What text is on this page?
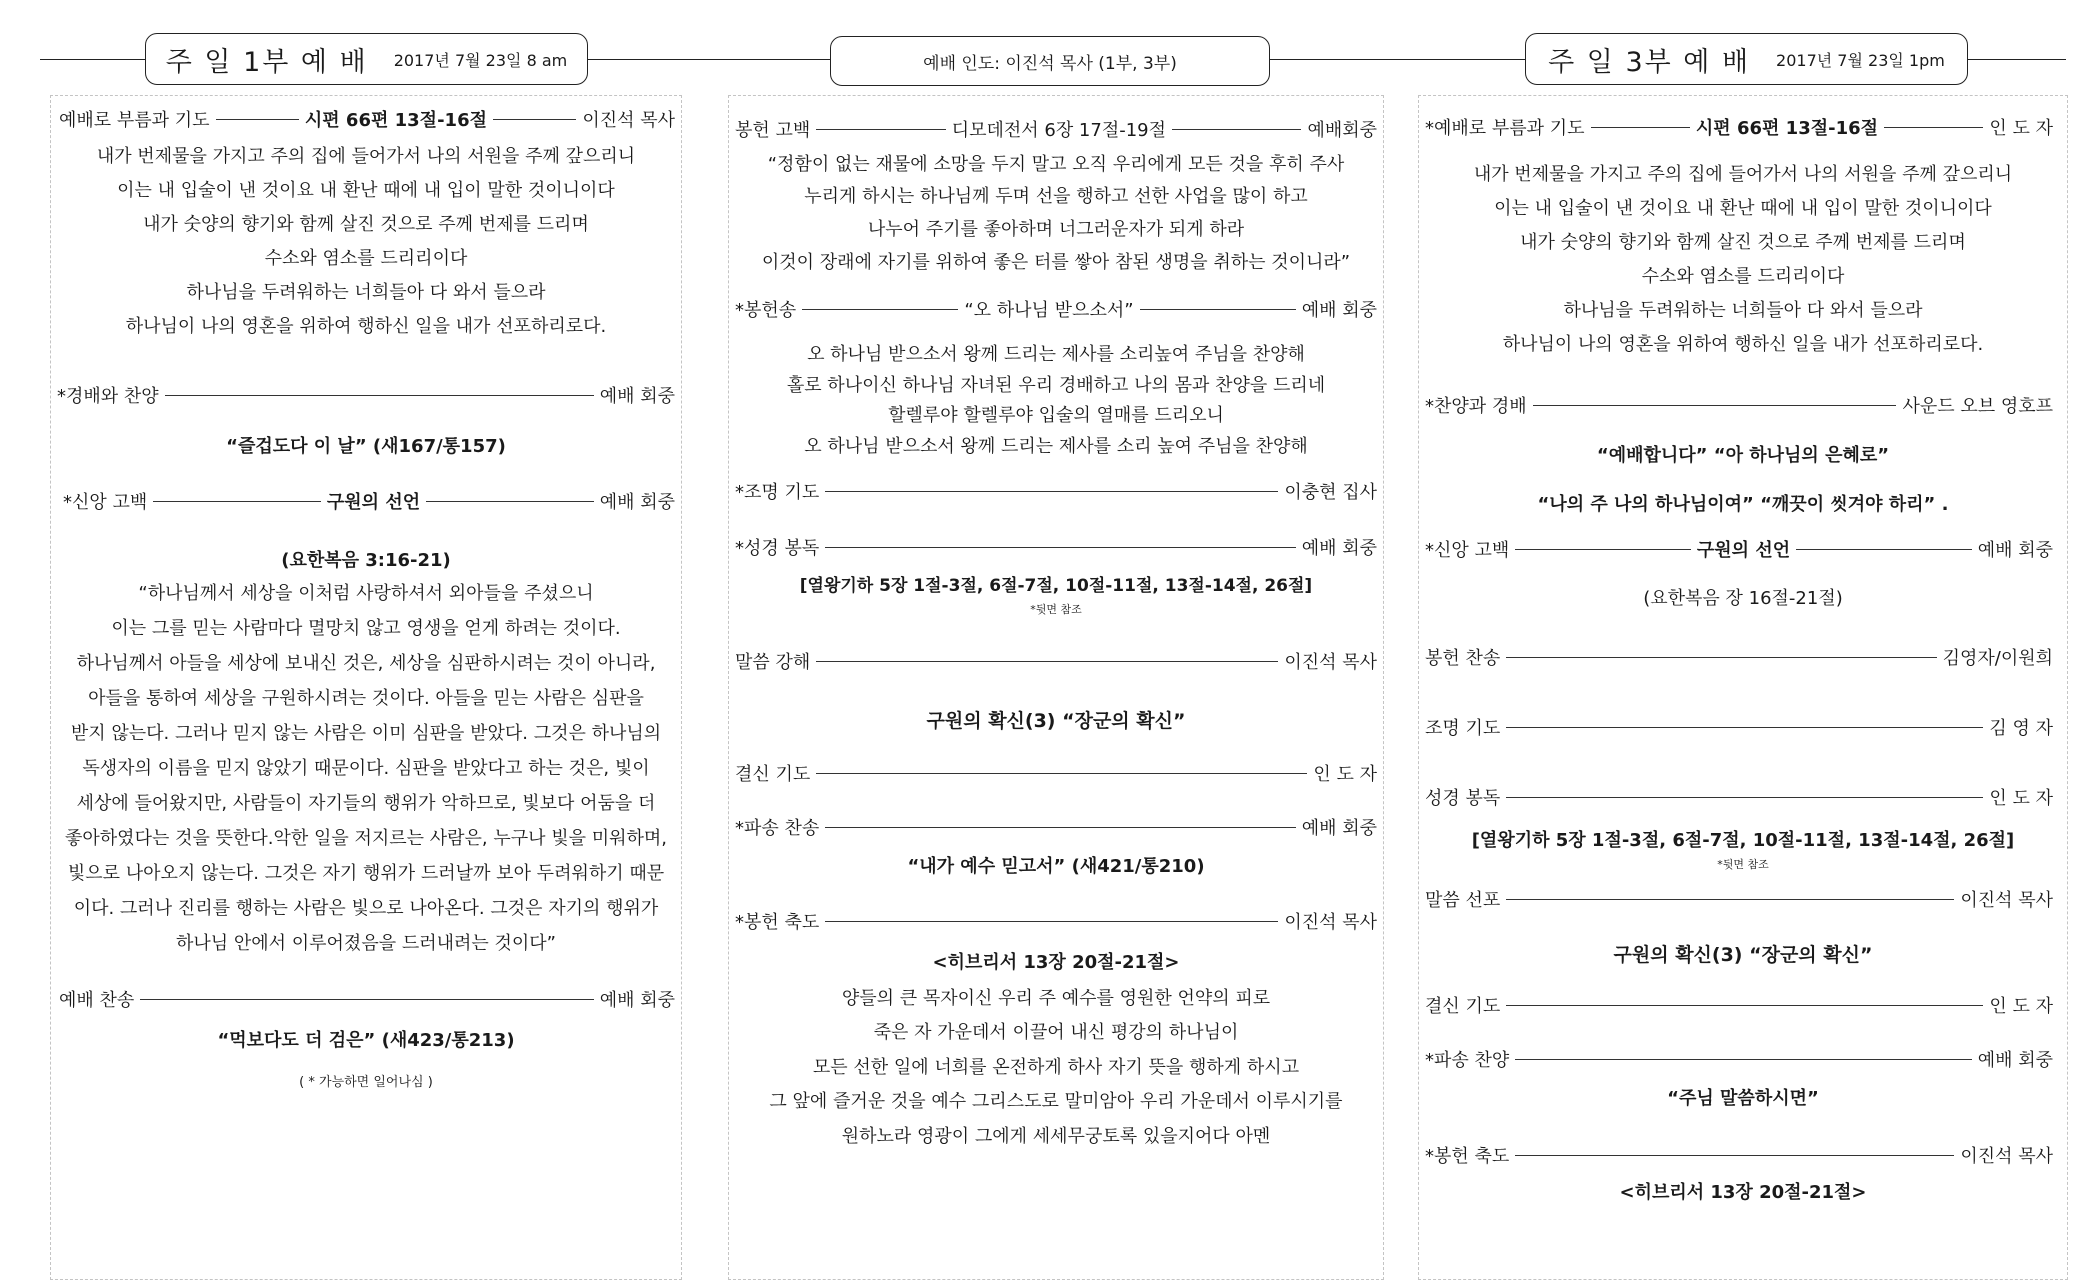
주 일 1부 예 배 2017년 7월 23일 8 am	예배 인도: 이진석 목사 (1부, 3부)	주 일 3부 예 배 2017년 7월 23일 1pm
예배로 부름과 기도	시편 66편 13절-16절	이진석 목사
내가 번제물을 가지고 주의 집에 들어가서 나의 서원을 주께 갚으리니
이는 내 입술이 낸 것이요 내 환난 때에 내 입이 말한 것이니이다
내가 숫양의 향기와 함께 살진 것으로 주께 번제를 드리며
수소와 염소를 드리리이다
하나님을 두려워하는 너희들아 다 와서 들으라
하나님이 나의 영혼을 위하여 행하신 일을 내가 선포하리로다.
*경배와 찬양	예배 회중
“즐겁도다 이 날” (새167/통157)
*신앙 고백	구원의 선언	예배 회중
(요한복음 3:16-21)
“하나님께서 세상을 이처럼 사랑하셔서 외아들을 주셨으니
이는 그를 믿는 사람마다 멸망치 않고 영생을 얻게 하려는 것이다.
하나님께서 아들을 세상에 보내신 것은, 세상을 심판하시려는 것이 아니라,
아들을 통하여 세상을 구원하시려는 것이다. 아들을 믿는 사람은 심판을
받지 않는다. 그러나 믿지 않는 사람은 이미 심판을 받았다. 그것은 하나님의
독생자의 이름을 믿지 않았기 때문이다. 심판을 받았다고 하는 것은, 빛이
세상에 들어왔지만, 사람들이 자기들의 행위가 악하므로, 빛보다 어둠을 더
좋아하였다는 것을 뜻한다.악한 일을 저지르는 사람은, 누구나 빛을 미워하며,
빛으로 나아오지 않는다. 그것은 자기 행위가 드러날까 보아 두려워하기 때문
이다. 그러나 진리를 행하는 사람은 빛으로 나아온다. 그것은 자기의 행위가
하나님 안에서 이루어졌음을 드러내려는 것이다”
예배 찬송	예배 회중
“먹보다도 더 검은” (새423/통213)
( * 가능하면 일어나심 )
봉헌 고백	디모데전서 6장 17절-19절	예배회중
“정함이 없는 재물에 소망을 두지 말고 오직 우리에게 모든 것을 후히 주사
누리게 하시는 하나님께 두며 선을 행하고 선한 사업을 많이 하고
나누어 주기를 좋아하며 너그러운자가 되게 하라
이것이 장래에 자기를 위하여 좋은 터를 쌓아 참된 생명을 취하는 것이니라”
*봉헌송	“오 하나님 받으소서”	예배 회중
오 하나님 받으소서 왕께 드리는 제사를 소리높여 주님을 찬양해
홀로 하나이신 하나님 자녀된 우리 경배하고 나의 몸과 찬양을 드리네
할렐루야 할렐루야 입술의 열매를 드리오니
오 하나님 받으소서 왕께 드리는 제사를 소리 높여 주님을 찬양해
*조명 기도	이충현 집사
*성경 봉독	예배 회중
[열왕기하 5장 1절-3절, 6절-7절, 10절-11절, 13절-14절, 26절]
*뒷면 참조
말씀 강해	이진석 목사
구원의 확신(3) “장군의 확신”
결신 기도	인 도 자
*파송 찬송	예배 회중
“내가 예수 믿고서” (새421/통210)
*봉헌 축도	이진석 목사
<히브리서 13장 20절-21절>
양들의 큰 목자이신 우리 주 예수를 영원한 언약의 피로
죽은 자 가운데서 이끌어 내신 평강의 하나님이
모든 선한 일에 너희를 온전하게 하사 자기 뜻을 행하게 하시고
그 앞에 즐거운 것을 예수 그리스도로 말미암아 우리 가운데서 이루시기를
원하노라 영광이 그에게 세세무궁토록 있을지어다 아멘
*예배로 부름과 기도	시편 66편 13절-16절	인 도 자
내가 번제물을 가지고 주의 집에 들어가서 나의 서원을 주께 갚으리니
이는 내 입술이 낸 것이요 내 환난 때에 내 입이 말한 것이니이다
내가 숫양의 향기와 함께 살진 것으로 주께 번제를 드리며
수소와 염소를 드리리이다
하나님을 두려워하는 너희들아 다 와서 들으라
하나님이 나의 영혼을 위하여 행하신 일을 내가 선포하리로다.
*찬양과 경배	사운드 오브 영호프
“예배합니다” “아 하나님의 은혜로”
“나의 주 나의 하나님이여” “깨끗이 씻겨야 하리” .
*신앙 고백	구원의 선언	예배 회중
(요한복음 장 16절-21절)
봉헌 찬송	김영자/이원희
조명 기도	김 영 자
성경 봉독	인 도 자
[열왕기하 5장 1절-3절, 6절-7절, 10절-11절, 13절-14절, 26절]
*뒷면 참조
말씀 선포	이진석 목사
구원의 확신(3) “장군의 확신”
결신 기도	인 도 자
*파송 찬양	예배 회중
“주님 말씀하시면”
*봉헌 축도	이진석 목사
<히브리서 13장 20절-21절>
